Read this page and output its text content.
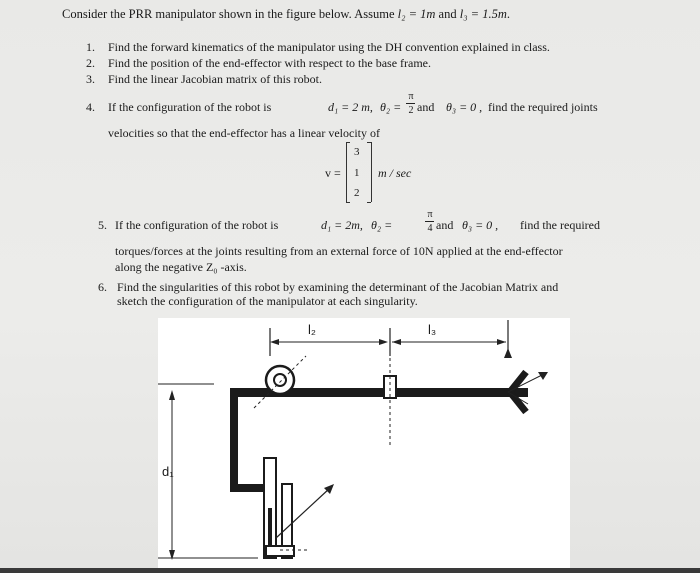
Consider the PRR manipulator shown in the figure below. Assume l₂ = 1m and l₃ = 1.5m.
1. Find the forward kinematics of the manipulator using the DH convention explained in class.
2. Find the position of the end-effector with respect to the base frame.
3. Find the linear Jacobian matrix of this robot.
4. If the configuration of the robot is	d₁ = 2 m, θ₂ =
π
2 and θ₃ = 0 , find the required joints
velocities so that the end-effector has a linear velocity of
v =
3
1
2
m / sec
5. If the configuration of the robot is	d₁ = 2m, θ₂ =
π
4 and θ₃ = 0 , find the required
torques/forces at the joints resulting from an external force of 10N applied at the end-effector
along the negative Z₀ -axis.
6. Find the singularities of this robot by examining the determinant of the Jacobian Matrix and
sketch the configuration of the manipulator at each singularity.
l₂	l₃
d₁
